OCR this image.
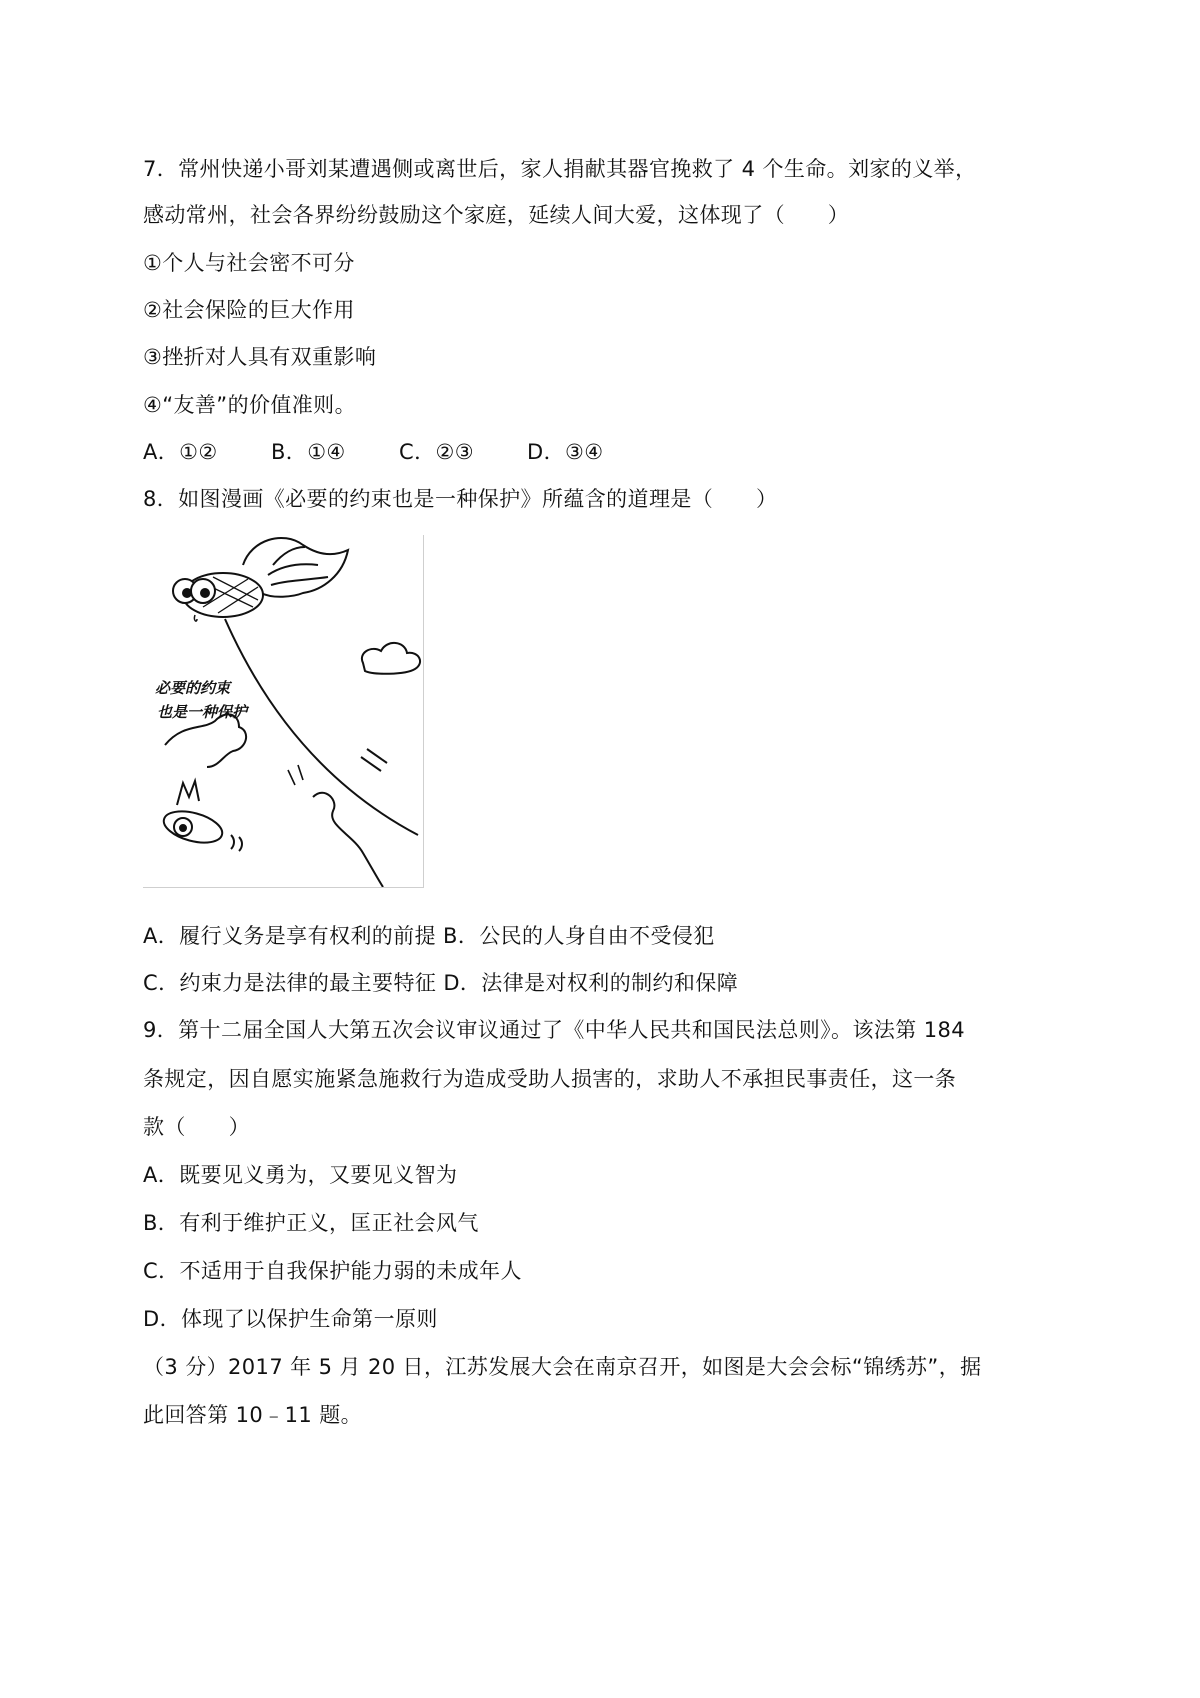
7．常州快递小哥刘某遭遇侧或离世后，家人捐献其器官挽救了 4 个生命。刘家的义举，
感动常州，社会各界纷纷鼓励这个家庭，延续人间大爱，这体现了（　　）
①个人与社会密不可分
②社会保险的巨大作用
③挫折对人具有双重影响
④“友善”的价值准则。
A．①②	B．①④	C．②③	D．③④
8．如图漫画《必要的约束也是一种保护》所蕴含的道理是（　　）
必要的约束
也是一种保护
A．履行义务是享有权利的前提 B．公民的人身自由不受侵犯
C．约束力是法律的最主要特征 D．法律是对权利的制约和保障
9．第十二届全国人大第五次会议审议通过了《中华人民共和国民法总则》。该法第 184
条规定，因自愿实施紧急施救行为造成受助人损害的，求助人不承担民事责任，这一条
款（　　）
A．既要见义勇为，又要见义智为
B．有利于维护正义，匡正社会风气
C．不适用于自我保护能力弱的未成年人
D．体现了以保护生命第一原则
（3 分）2017 年 5 月 20 日，江苏发展大会在南京召开，如图是大会会标“锦绣苏”，据
此回答第 10﹣11 题。
